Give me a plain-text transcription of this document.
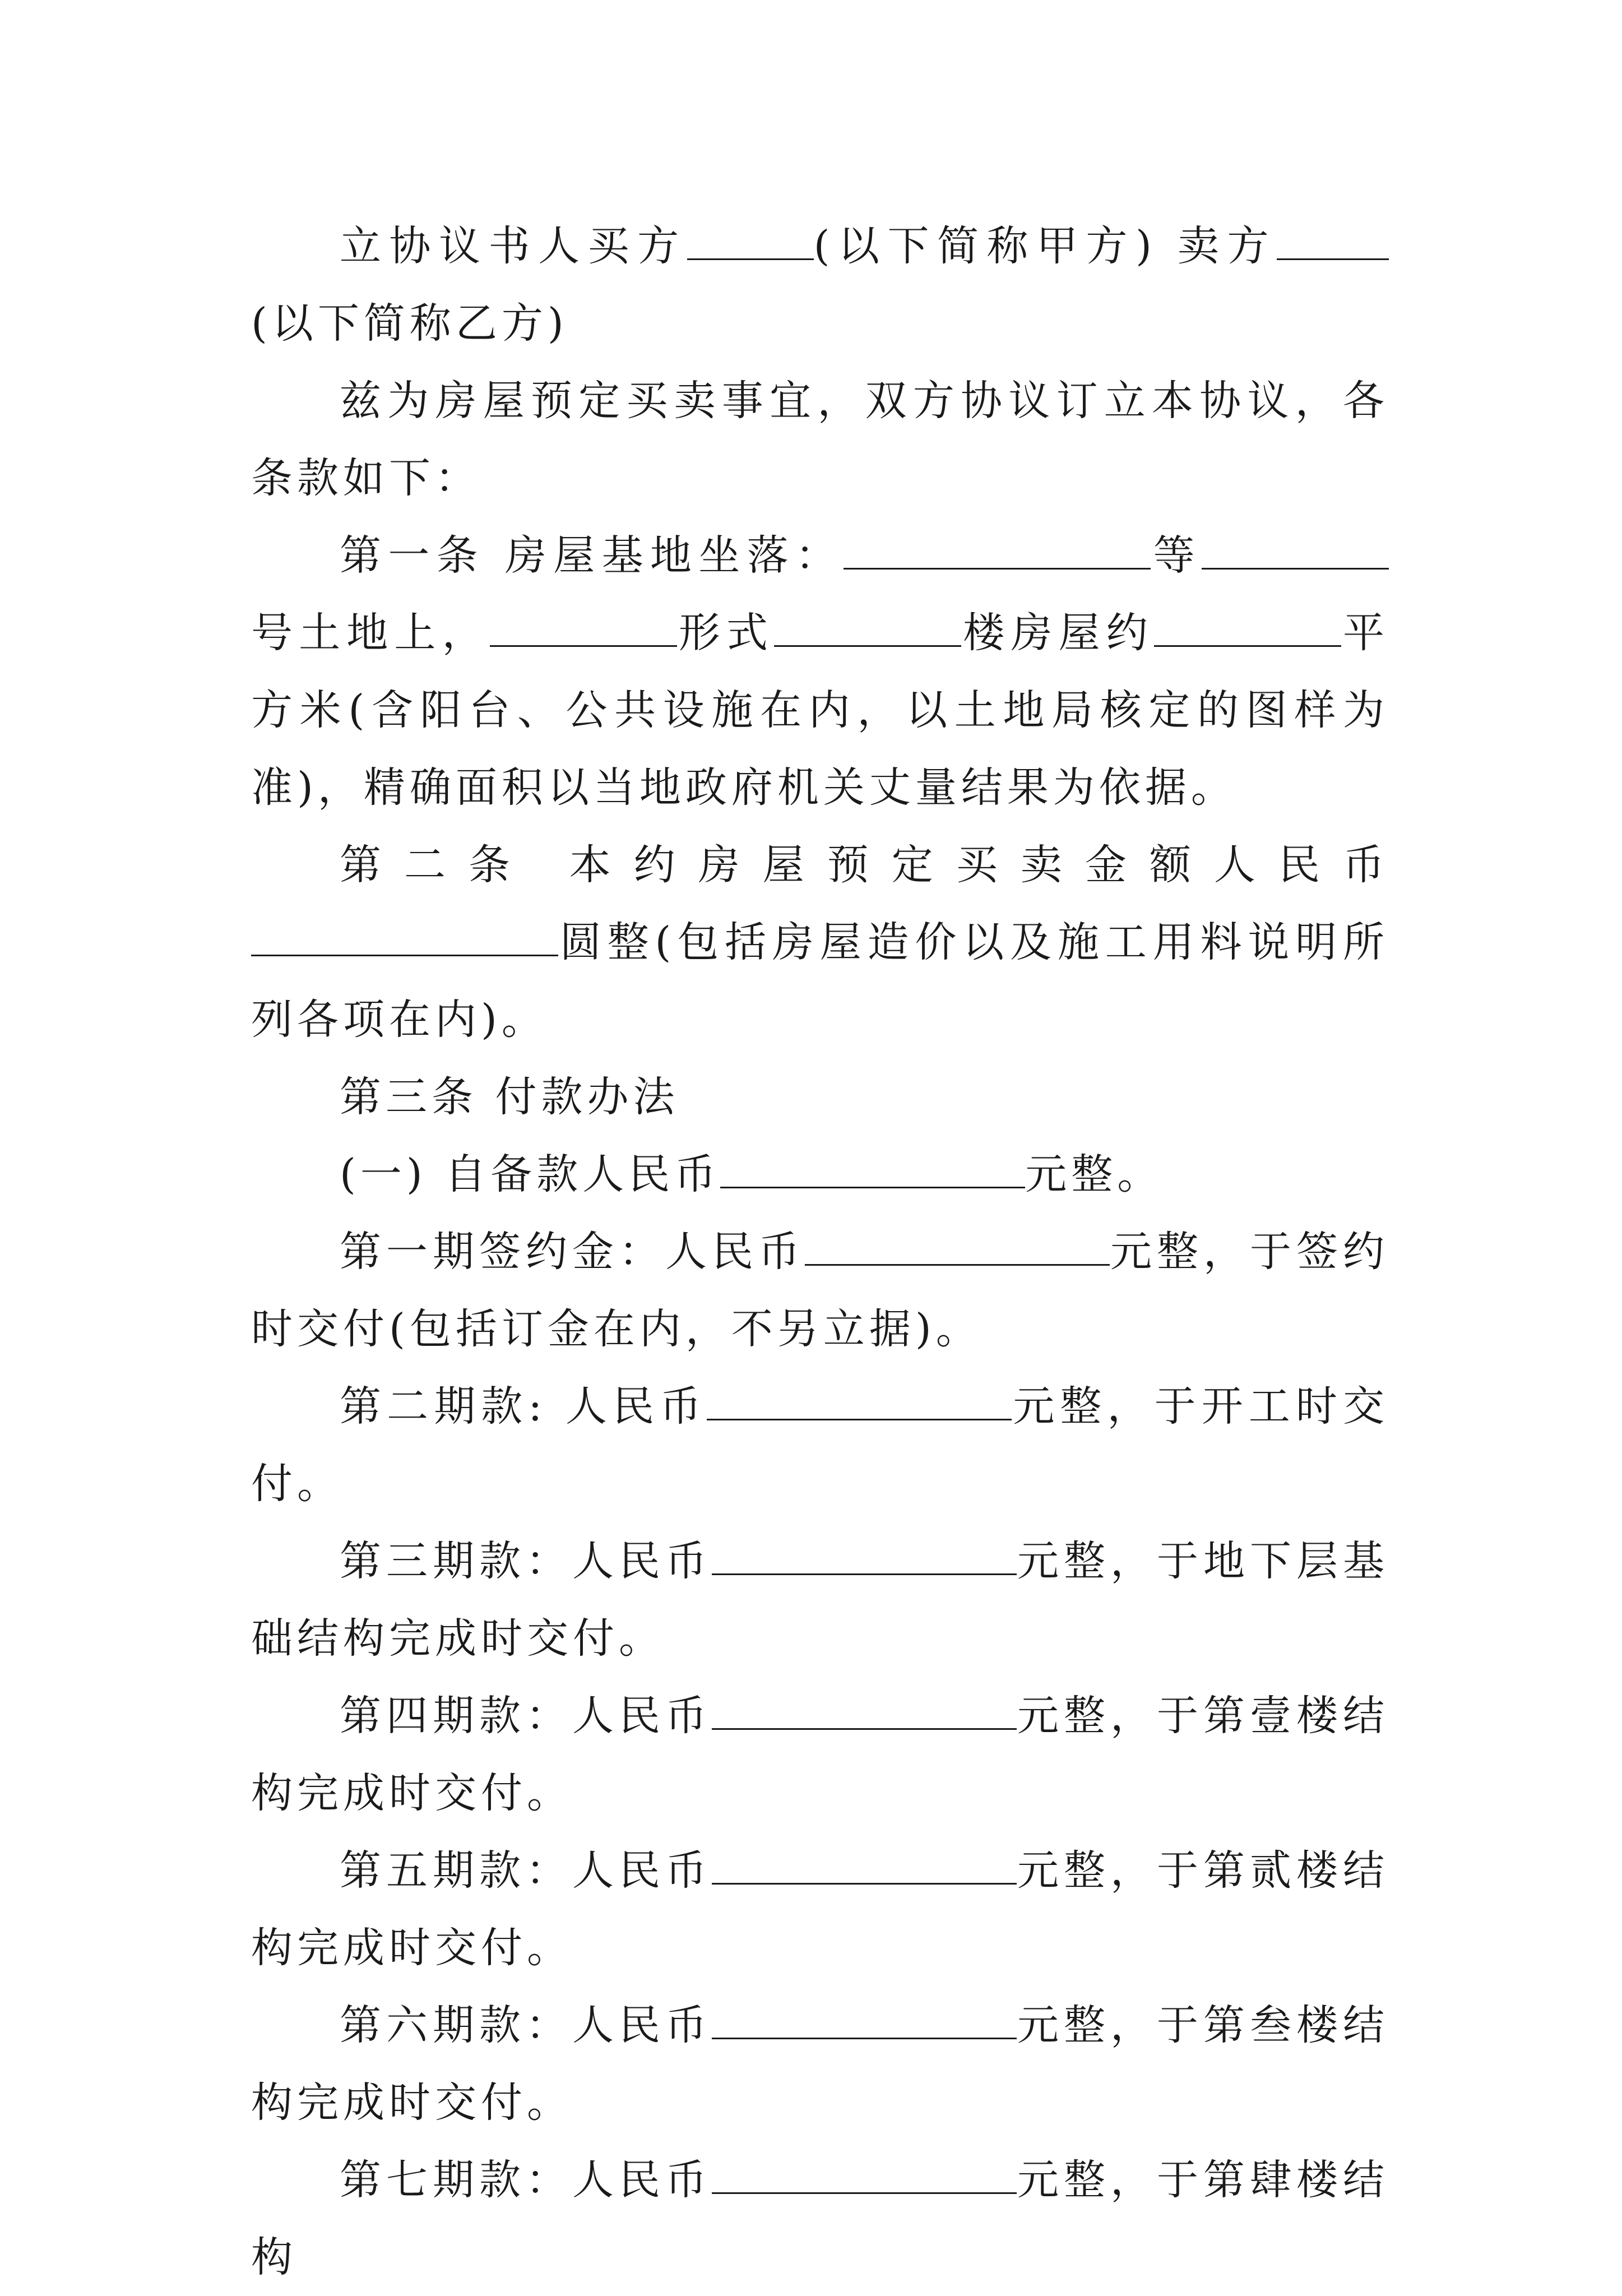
立协议书人买方	(以下简称甲方) 卖方(以下简称乙方)

兹为房屋预定买卖事宜，双方协议订立本协议，各条款如下：

第一条 房屋基地坐落：	等号土地上，	形式	楼房屋约	平方米(含阳台、公共设施在内，以土地局核定的图样为准)，精确面积以当地政府机关丈量结果为依据。

第二条 本约房屋预定买卖金额人民币圆整(包括房屋造价以及施工用料说明所列各项在内)。

第三条 付款办法

(一) 自备款人民币	元整。

第一期签约金：人民币	元整，于签约时交付(包括订金在内，不另立据)。

第二期款: 人民币	元整，于开工时交付。

第三期款：人民币	元整，于地下层基础结构完成时交付。

第四期款：人民币	元整，于第壹楼结构完成时交付。

第五期款：人民币	元整，于第贰楼结构完成时交付。

第六期款：人民币	元整，于第叁楼结构完成时交付。

第七期款：人民币	元整，于第肆楼结构
